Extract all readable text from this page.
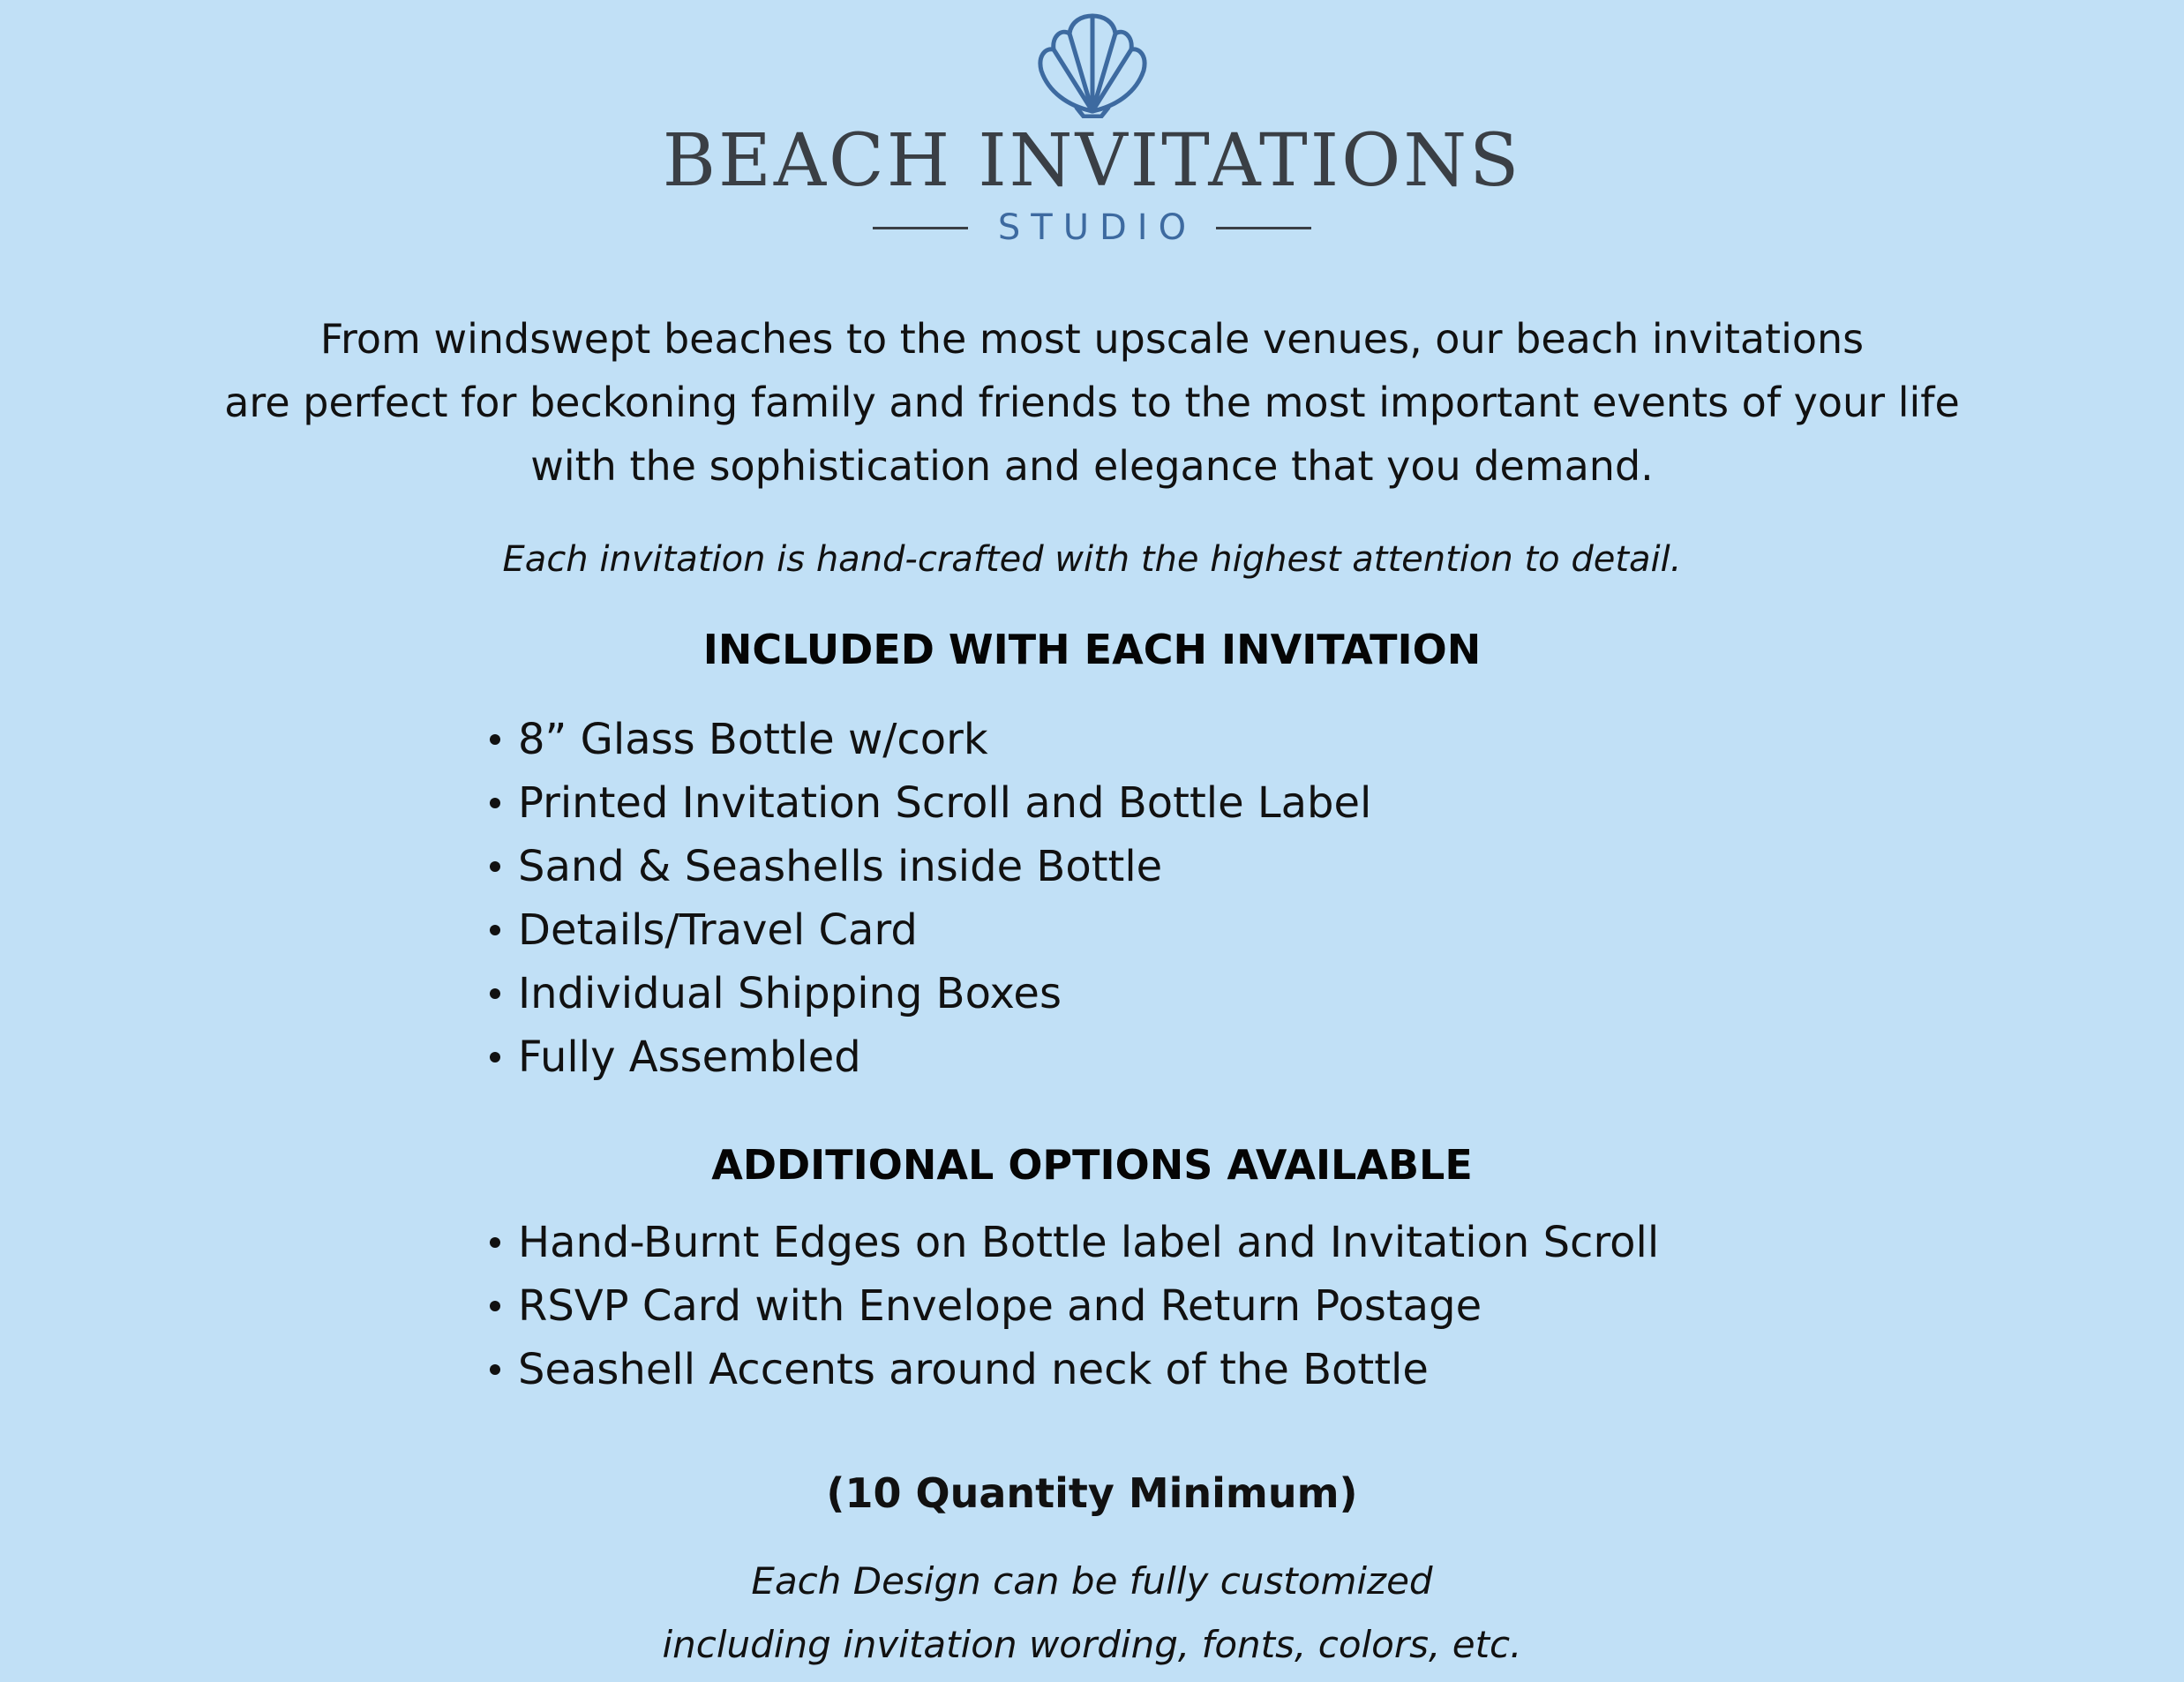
BEACH INVITATIONS
STUDIO
From windswept beaches to the most upscale venues, our beach invitations
are perfect for beckoning family and friends to the most important events of your life
with the sophistication and elegance that you demand.
Each invitation is hand-crafted with the highest attention to detail.
INCLUDED WITH EACH INVITATION
8” Glass Bottle w/cork
Printed Invitation Scroll and Bottle Label
Sand & Seashells inside Bottle
Details/Travel Card
Individual Shipping Boxes
Fully Assembled
ADDITIONAL OPTIONS AVAILABLE
Hand-Burnt Edges on Bottle label and Invitation Scroll
RSVP Card with Envelope and Return Postage
Seashell Accents around neck of the Bottle
(10 Quantity Minimum)
Each Design can be fully customized
including invitation wording, fonts, colors, etc.
